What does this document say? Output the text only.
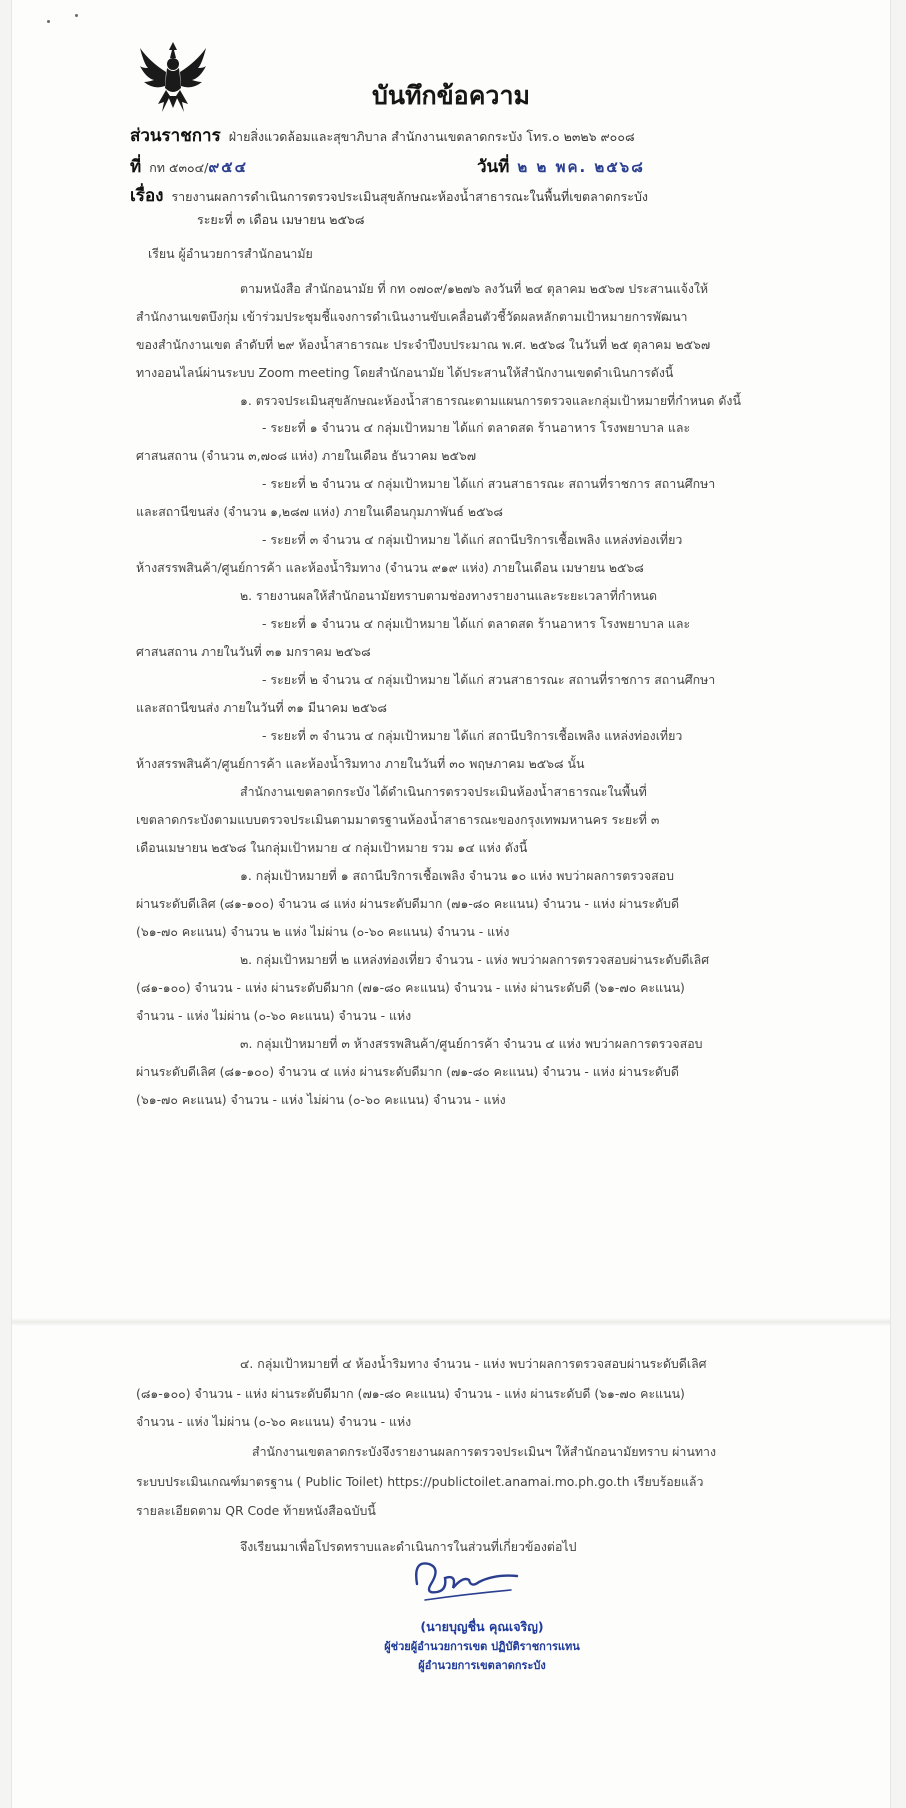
บันทึกข้อความ
ส่วนราชการ ฝ่ายสิ่งแวดล้อมและสุขาภิบาล สำนักงานเขตลาดกระบัง โทร.๐ ๒๓๒๖ ๙๐๐๘
ที่ กท ๕๓๐๔/๙๕๔	วันที่ ๒ ๒ พค. ๒๕๖๘
เรื่อง รายงานผลการดำเนินการตรวจประเมินสุขลักษณะห้องน้ำสาธารณะในพื้นที่เขตลาดกระบัง
ระยะที่ ๓ เดือน เมษายน ๒๕๖๘
เรียน ผู้อำนวยการสำนักอนามัย
ตามหนังสือ สำนักอนามัย ที่ กท ๐๗๐๙/๑๒๗๖ ลงวันที่ ๒๔ ตุลาคม ๒๕๖๗ ประสานแจ้งให้
สำนักงานเขตบึงกุ่ม เข้าร่วมประชุมชี้แจงการดำเนินงานขับเคลื่อนตัวชี้วัดผลหลักตามเป้าหมายการพัฒนา
ของสำนักงานเขต ลำดับที่ ๒๙ ห้องน้ำสาธารณะ ประจำปีงบประมาณ พ.ศ. ๒๕๖๘ ในวันที่ ๒๕ ตุลาคม ๒๕๖๗
ทางออนไลน์ผ่านระบบ Zoom meeting โดยสำนักอนามัย ได้ประสานให้สำนักงานเขตดำเนินการดังนี้
๑. ตรวจประเมินสุขลักษณะห้องน้ำสาธารณะตามแผนการตรวจและกลุ่มเป้าหมายที่กำหนด ดังนี้
- ระยะที่ ๑ จำนวน ๔ กลุ่มเป้าหมาย ได้แก่ ตลาดสด ร้านอาหาร โรงพยาบาล และ
ศาสนสถาน (จำนวน ๓,๗๐๘ แห่ง) ภายในเดือน ธันวาคม ๒๕๖๗
- ระยะที่ ๒ จำนวน ๔ กลุ่มเป้าหมาย ได้แก่ สวนสาธารณะ สถานที่ราชการ สถานศึกษา
และสถานีขนส่ง (จำนวน ๑,๒๘๗ แห่ง) ภายในเดือนกุมภาพันธ์ ๒๕๖๘
- ระยะที่ ๓ จำนวน ๔ กลุ่มเป้าหมาย ได้แก่ สถานีบริการเชื้อเพลิง แหล่งท่องเที่ยว
ห้างสรรพสินค้า/ศูนย์การค้า และห้องน้ำริมทาง (จำนวน ๙๑๙ แห่ง) ภายในเดือน เมษายน ๒๕๖๘
๒. รายงานผลให้สำนักอนามัยทราบตามช่องทางรายงานและระยะเวลาที่กำหนด
- ระยะที่ ๑ จำนวน ๔ กลุ่มเป้าหมาย ได้แก่ ตลาดสด ร้านอาหาร โรงพยาบาล และ
ศาสนสถาน ภายในวันที่ ๓๑ มกราคม ๒๕๖๘
- ระยะที่ ๒ จำนวน ๔ กลุ่มเป้าหมาย ได้แก่ สวนสาธารณะ สถานที่ราชการ สถานศึกษา
และสถานีขนส่ง ภายในวันที่ ๓๑ มีนาคม ๒๕๖๘
- ระยะที่ ๓ จำนวน ๔ กลุ่มเป้าหมาย ได้แก่ สถานีบริการเชื้อเพลิง แหล่งท่องเที่ยว
ห้างสรรพสินค้า/ศูนย์การค้า และห้องน้ำริมทาง ภายในวันที่ ๓๐ พฤษภาคม ๒๕๖๘ นั้น
สำนักงานเขตลาดกระบัง ได้ดำเนินการตรวจประเมินห้องน้ำสาธารณะในพื้นที่
เขตลาดกระบังตามแบบตรวจประเมินตามมาตรฐานห้องน้ำสาธารณะของกรุงเทพมหานคร ระยะที่ ๓
เดือนเมษายน ๒๕๖๘ ในกลุ่มเป้าหมาย ๔ กลุ่มเป้าหมาย รวม ๑๔ แห่ง ดังนี้
๑. กลุ่มเป้าหมายที่ ๑ สถานีบริการเชื้อเพลิง จำนวน ๑๐ แห่ง พบว่าผลการตรวจสอบ
ผ่านระดับดีเลิศ (๘๑-๑๐๐) จำนวน ๘ แห่ง ผ่านระดับดีมาก (๗๑-๘๐ คะแนน) จำนวน - แห่ง ผ่านระดับดี
(๖๑-๗๐ คะแนน) จำนวน ๒ แห่ง ไม่ผ่าน (๐-๖๐ คะแนน) จำนวน - แห่ง
๒. กลุ่มเป้าหมายที่ ๒ แหล่งท่องเที่ยว จำนวน - แห่ง พบว่าผลการตรวจสอบผ่านระดับดีเลิศ
(๘๑-๑๐๐) จำนวน - แห่ง ผ่านระดับดีมาก (๗๑-๘๐ คะแนน) จำนวน - แห่ง ผ่านระดับดี (๖๑-๗๐ คะแนน)
จำนวน - แห่ง ไม่ผ่าน (๐-๖๐ คะแนน) จำนวน - แห่ง
๓. กลุ่มเป้าหมายที่ ๓ ห้างสรรพสินค้า/ศูนย์การค้า จำนวน ๔ แห่ง พบว่าผลการตรวจสอบ
ผ่านระดับดีเลิศ (๘๑-๑๐๐) จำนวน ๔ แห่ง ผ่านระดับดีมาก (๗๑-๘๐ คะแนน) จำนวน - แห่ง ผ่านระดับดี
(๖๑-๗๐ คะแนน) จำนวน - แห่ง ไม่ผ่าน (๐-๖๐ คะแนน) จำนวน - แห่ง
๔. กลุ่มเป้าหมายที่ ๔ ห้องน้ำริมทาง จำนวน - แห่ง พบว่าผลการตรวจสอบผ่านระดับดีเลิศ
(๘๑-๑๐๐) จำนวน - แห่ง ผ่านระดับดีมาก (๗๑-๘๐ คะแนน) จำนวน - แห่ง ผ่านระดับดี (๖๑-๗๐ คะแนน)
จำนวน - แห่ง ไม่ผ่าน (๐-๖๐ คะแนน) จำนวน - แห่ง
สำนักงานเขตลาดกระบังจึงรายงานผลการตรวจประเมินฯ ให้สำนักอนามัยทราบ ผ่านทาง
ระบบประเมินเกณฑ์มาตรฐาน ( Public Toilet) https://publictoilet.anamai.mo.ph.go.th เรียบร้อยแล้ว
รายละเอียดตาม QR Code ท้ายหนังสือฉบับนี้
จึงเรียนมาเพื่อโปรดทราบและดำเนินการในส่วนที่เกี่ยวข้องต่อไป
(นายบุญชื่น คุณเจริญ)
ผู้ช่วยผู้อำนวยการเขต ปฏิบัติราชการแทน
ผู้อำนวยการเขตลาดกระบัง
